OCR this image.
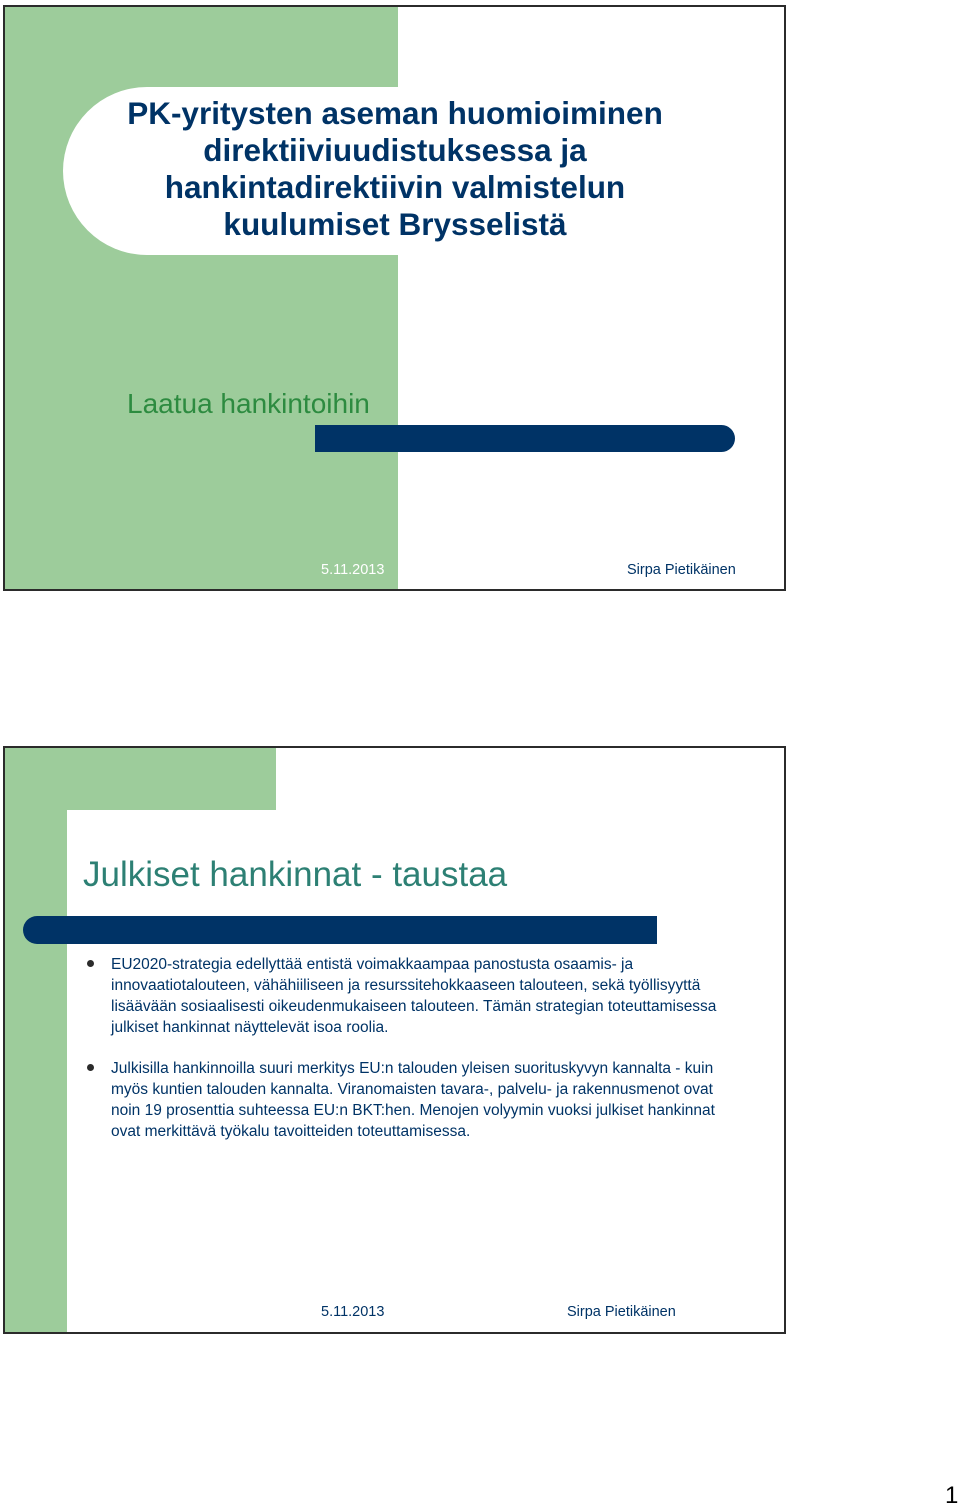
PK-yritysten aseman huomioiminen
direktiiviuudistuksessa ja
hankintadirektiivin valmistelun
kuulumiset Brysselistä
Laatua hankintoihin
5.11.2013	Sirpa Pietikäinen
Julkiset hankinnat - taustaa
EU2020-strategia edellyttää entistä voimakkaampaa panostusta osaamis- ja innovaatiotalouteen, vähähiiliseen ja resurssitehokkaaseen talouteen, sekä työllisyyttä lisäävään sosiaalisesti oikeudenmukaiseen talouteen. Tämän strategian toteuttamisessa julkiset hankinnat näyttelevät isoa roolia.
Julkisilla hankinnoilla suuri merkitys EU:n talouden yleisen suorituskyvyn kannalta - kuin myös kuntien talouden kannalta. Viranomaisten tavara-, palvelu- ja rakennusmenot ovat noin 19 prosenttia suhteessa EU:n BKT:hen. Menojen volyymin vuoksi julkiset hankinnat ovat merkittävä työkalu tavoitteiden toteuttamisessa.
5.11.2013	Sirpa Pietikäinen
1
